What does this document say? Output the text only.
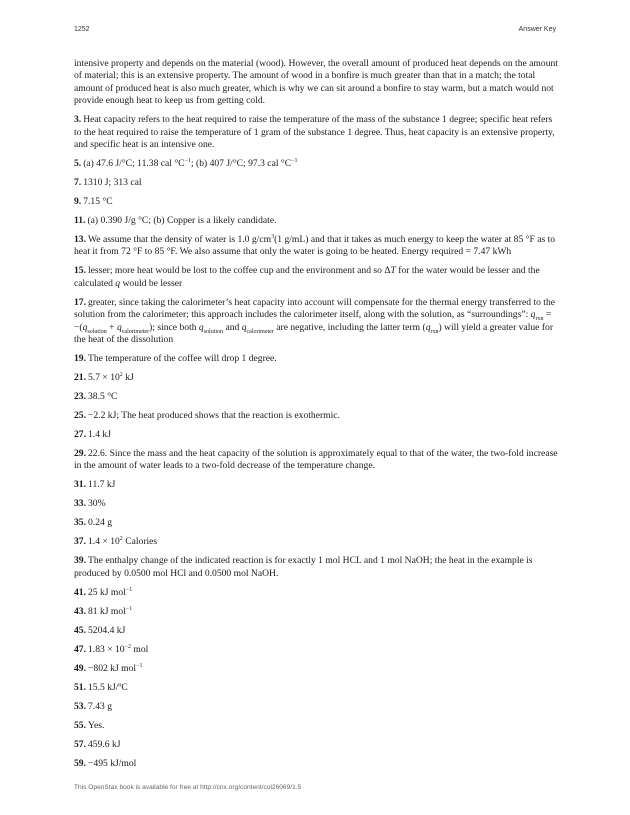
1252	Answer Key

intensive property and depends on the material (wood). However, the overall amount of produced heat depends on the amount of material; this is an extensive property. The amount of wood in a bonfire is much greater than that in a match; the total amount of produced heat is also much greater, which is why we can sit around a bonfire to stay warm, but a match would not provide enough heat to keep us from getting cold.

3. Heat capacity refers to the heat required to raise the temperature of the mass of the substance 1 degree; specific heat refers to the heat required to raise the temperature of 1 gram of the substance 1 degree. Thus, heat capacity is an extensive property, and specific heat is an intensive one.

5. (a) 47.6 J/°C; 11.38 cal $^\circ C^{-1}$; (b) 407 J/°C; 97.3 cal $^\circ C^{-1}$

7. 1310 J; 313 cal

9. 7.15 °C

11. (a) 0.390 J/g °C; (b) Copper is a likely candidate.

13. We assume that the density of water is 1.0 $g/cm^3(1$ g/mL) and that it takes as much energy to keep the water at 85 °F as to heat it from 72 °F to 85 °F. We also assume that only the water is going to be heated. Energy required = 7.47 kWh

15. lesser; more heat would be lost to the coffee cup and the environment and so ΔT for the water would be lesser and the calculated q would be lesser

17. greater, since taking the calorimeter’s heat capacity into account will compensate for the thermal energy transferred to the solution from the calorimeter; this approach includes the calorimeter itself, along with the solution, as “surroundings”: $q_{rxn} = -(q_{solution} + q_{calorimeter})$; since both $q_{solution}$ and $q_{calorimeter}$ are negative, including the latter term $(q_{rxn})$ will yield a greater value for the heat of the dissolution

19. The temperature of the coffee will drop 1 degree.

21. $5.7 \times 10^2$ kJ

23. 38.5 °C

25. −2.2 kJ; The heat produced shows that the reaction is exothermic.

27. 1.4 kJ

29. 22.6. Since the mass and the heat capacity of the solution is approximately equal to that of the water, the two-fold increase in the amount of water leads to a two-fold decrease of the temperature change.

31. 11.7 kJ

33. 30%

35. 0.24 g

37. $1.4 \times 10^2$ Calories

39. The enthalpy change of the indicated reaction is for exactly 1 mol HCL and 1 mol NaOH; the heat in the example is produced by 0.0500 mol HCl and 0.0500 mol NaOH.

41. 25 kJ mol$^{-1}$

43. 81 kJ mol$^{-1}$

45. 5204.4 kJ

47. $1.83 \times 10^{-2}$ mol

49. −802 kJ mol$^{-1}$

51. 15.5 kJ/ºC

53. 7.43 g

55. Yes.

57. 459.6 kJ

59. −495 kJ/mol

This OpenStax book is available for free at http://cnx.org/content/col26069/1.5
